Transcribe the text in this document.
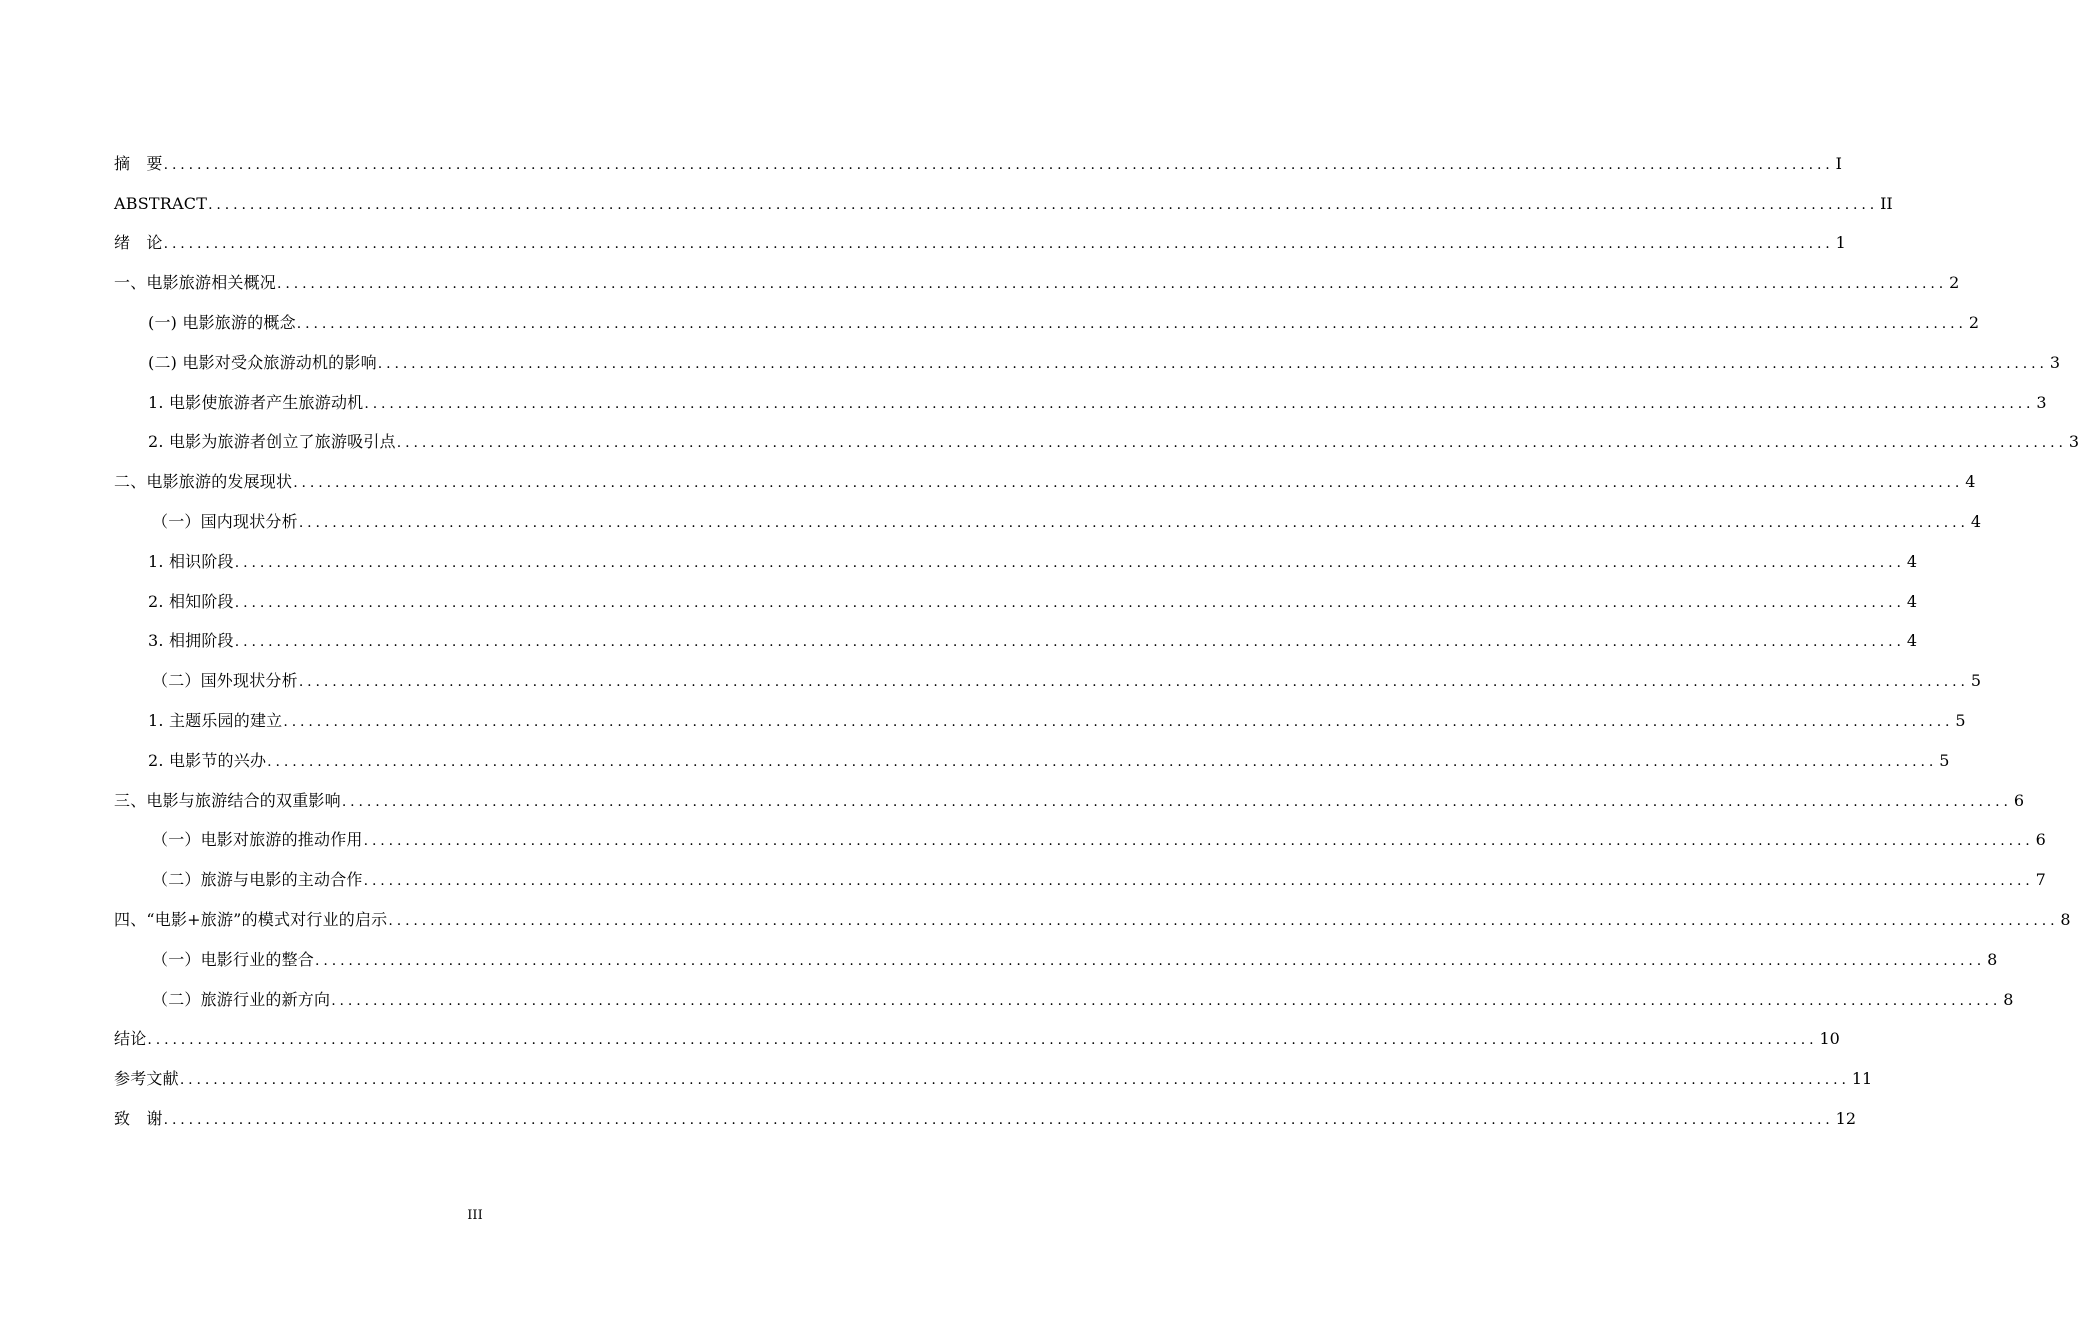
摘　要 ........................................................................................................................................................................................................ I
ABSTRACT ........................................................................................................................................................................................................ II
绪　论 ........................................................................................................................................................................................................ 1
一、电影旅游相关概况 ........................................................................................................................................................................................................ 2
(一) 电影旅游的概念 ........................................................................................................................................................................................................ 2
(二) 电影对受众旅游动机的影响 ........................................................................................................................................................................................................ 3
1. 电影使旅游者产生旅游动机 ........................................................................................................................................................................................................ 3
2. 电影为旅游者创立了旅游吸引点 ........................................................................................................................................................................................................ 3
二、电影旅游的发展现状 ........................................................................................................................................................................................................ 4
（一）国内现状分析 ........................................................................................................................................................................................................ 4
1. 相识阶段 ........................................................................................................................................................................................................ 4
2. 相知阶段 ........................................................................................................................................................................................................ 4
3. 相拥阶段 ........................................................................................................................................................................................................ 4
（二）国外现状分析 ........................................................................................................................................................................................................ 5
1. 主题乐园的建立 ........................................................................................................................................................................................................ 5
2. 电影节的兴办 ........................................................................................................................................................................................................ 5
三、电影与旅游结合的双重影响 ........................................................................................................................................................................................................ 6
（一）电影对旅游的推动作用 ........................................................................................................................................................................................................ 6
（二）旅游与电影的主动合作 ........................................................................................................................................................................................................ 7
四、“电影+旅游”的模式对行业的启示 ........................................................................................................................................................................................................ 8
（一）电影行业的整合 ........................................................................................................................................................................................................ 8
（二）旅游行业的新方向 ........................................................................................................................................................................................................ 8
结论 ........................................................................................................................................................................................................ 10
参考文献 ........................................................................................................................................................................................................ 11
致　谢 ........................................................................................................................................................................................................ 12
III
